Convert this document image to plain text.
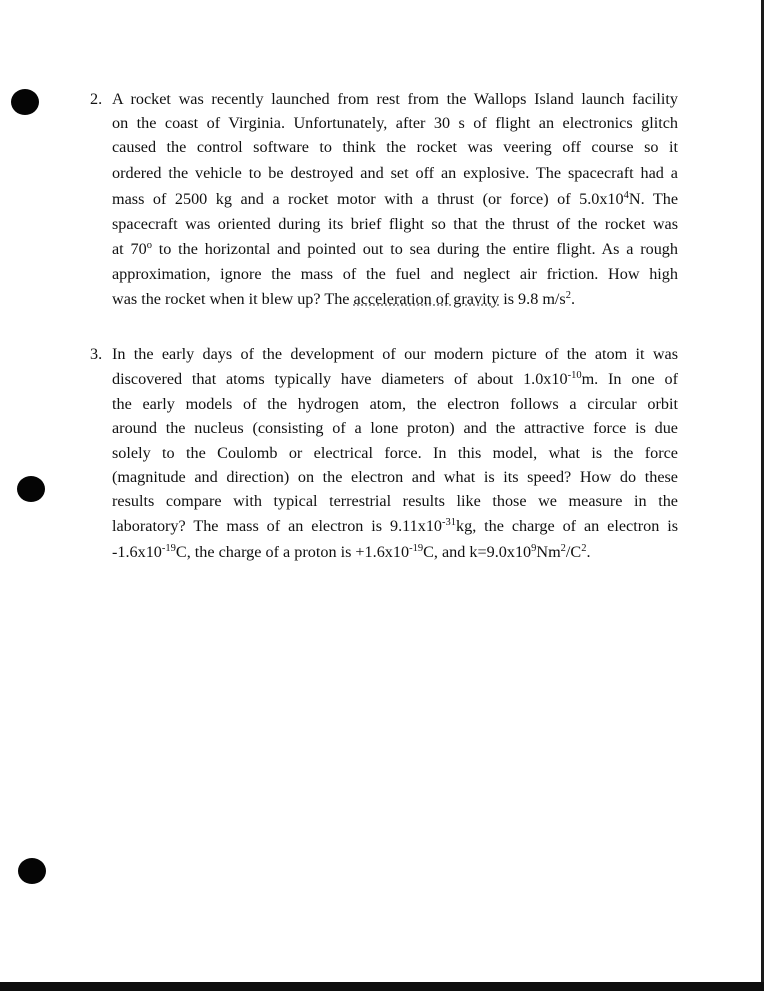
2. A rocket was recently launched from rest from the Wallops Island launch facility
on the coast of Virginia. Unfortunately, after 30 s of flight an electronics glitch
caused the control software to think the rocket was veering off course so it
ordered the vehicle to be destroyed and set off an explosive. The spacecraft had a
mass of 2500 kg and a rocket motor with a thrust (or force) of $5.0x10^4N$. The
spacecraft was oriented during its brief flight so that the thrust of the rocket was
at 70$^o$ to the horizontal and pointed out to sea during the entire flight. As a rough
approximation, ignore the mass of the fuel and neglect air friction. How high
was the rocket when it blew up? The acceleration of gravity is 9.8 $m/s^2$.
3. In the early days of the development of our modern picture of the atom it was
discovered that atoms typically have diameters of about $1.0x10^{-10}m$. In one of
the early models of the hydrogen atom, the electron follows a circular orbit
around the nucleus (consisting of a lone proton) and the attractive force is due
solely to the Coulomb or electrical force. In this model, what is the force
(magnitude and direction) on the electron and what is its speed? How do these
results compare with typical terrestrial results like those we measure in the
laboratory? The mass of an electron is $9.11x10^{-31}kg$, the charge of an electron is
$-1.6x10^{-19}C$, the charge of a proton is $+1.6x10^{-19}C$, and $k=9.0x10^9Nm^2/C^2$.
